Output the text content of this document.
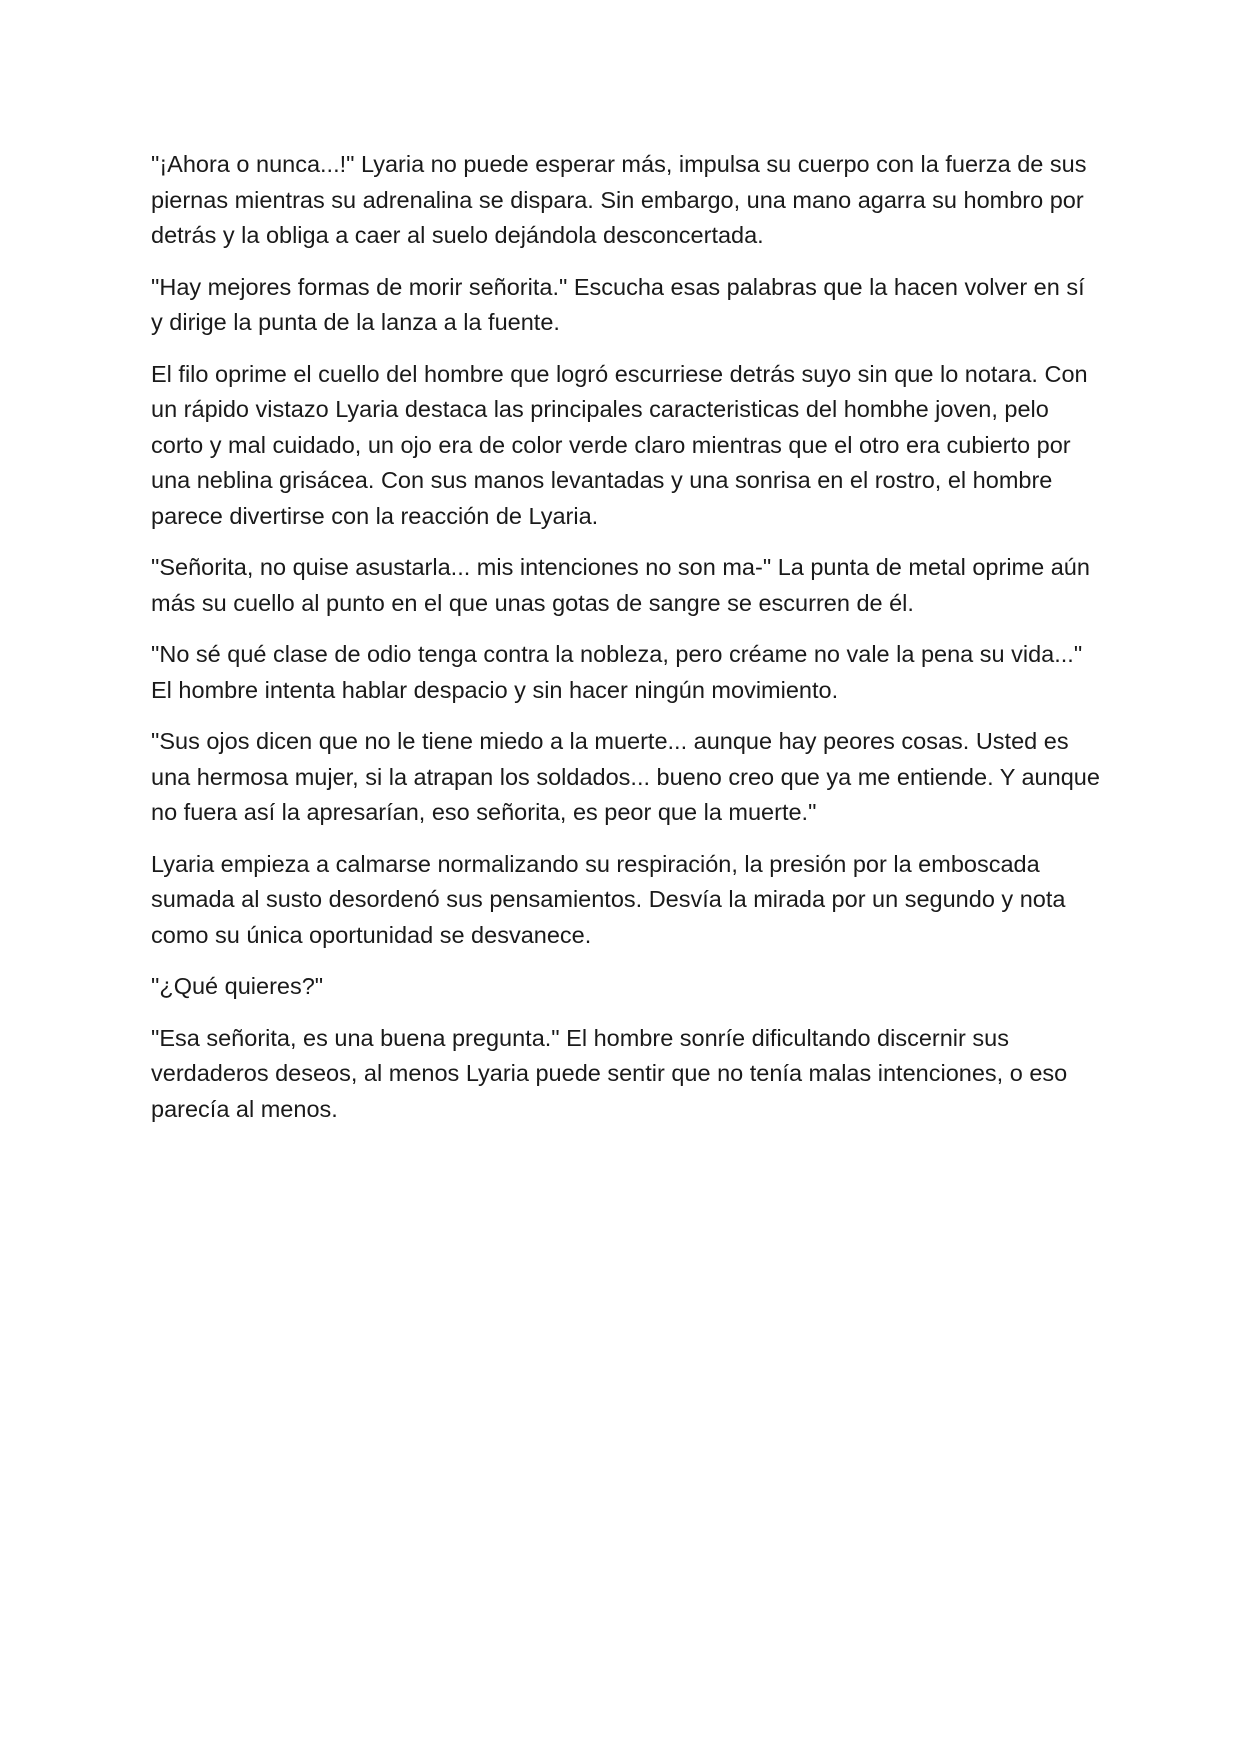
"¡Ahora o nunca...!" Lyaria no puede esperar más, impulsa su cuerpo con la fuerza de sus piernas mientras su adrenalina se dispara. Sin embargo, una mano agarra su hombro por detrás y la obliga a caer al suelo dejándola desconcertada.

"Hay mejores formas de morir señorita." Escucha esas palabras que la hacen volver en sí y dirige la punta de la lanza a la fuente.

El filo oprime el cuello del hombre que logró escurriese detrás suyo sin que lo notara. Con un rápido vistazo Lyaria destaca las principales caracteristicas del hombhe joven, pelo corto y mal cuidado, un ojo era de color verde claro mientras que el otro era cubierto por una neblina grisácea. Con sus manos levantadas y una sonrisa en el rostro, el hombre parece divertirse con la reacción de Lyaria.

"Señorita, no quise asustarla... mis intenciones no son ma-" La punta de metal oprime aún más su cuello al punto en el que unas gotas de sangre se escurren de él.

"No sé qué clase de odio tenga contra la nobleza, pero créame no vale la pena su vida..." El hombre intenta hablar despacio y sin hacer ningún movimiento.

"Sus ojos dicen que no le tiene miedo a la muerte... aunque hay peores cosas. Usted es una hermosa mujer, si la atrapan los soldados... bueno creo que ya me entiende. Y aunque no fuera así la apresarían, eso señorita, es peor que la muerte."

Lyaria empieza a calmarse normalizando su respiración, la presión por la emboscada sumada al susto desordenó sus pensamientos. Desvía la mirada por un segundo y nota como su única oportunidad se desvanece.

"¿Qué quieres?"

"Esa señorita, es una buena pregunta." El hombre sonríe dificultando discernir sus verdaderos deseos, al menos Lyaria puede sentir que no tenía malas intenciones, o eso parecía al menos.
